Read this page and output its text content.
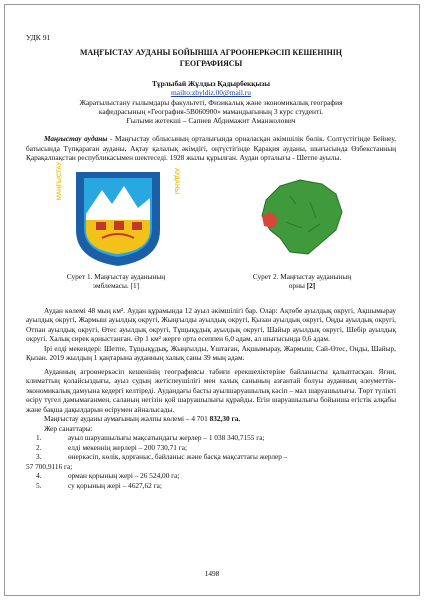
УДК 91
МАҢҒЫСТАУ АУДАНЫ БОЙЫНША АГРООНЕРКӘСІП КЕШЕНІНІҢ
ГЕОГРАФИЯСЫ
Тұрлыбай Жұлдыз Қадырбекқызы
mailto:zhyldiz.00@mail.ru
Жаратылыстану ғылымдары факультеті, Физикалық және экономикалық география
кафедрасының «География-5В060900» мамандығының 3 курс студенті.
Ғылыми жетекші – Сапиев Абдимажит Аманжолович

Маңғыстау ауданы - Маңғыстау облысының орталығында орналасқан әкімшілік бөлік. Солтүстігінде Бейнеу, батысында Түпқараған ауданы, Ақтау қалалық әкімдігі, оңтүстігінде Қарақия ауданы, шығысында Өзбекстанның Қарақалпақстан республикасымен шектеседі. 1928 жылы құрылған. Аудан орталығы - Шетпе ауылы.

МАҢҒЫСТАУ	АУДАНЫ
Сурет 1. Маңғыстау ауданының
эмблемасы. [1]
Сурет 2. Маңғыстау ауданының
орны [2]

Аудан көлемі 48 мың км². Аудан құрамында 12 ауыл әкімшілігі бар. Олар: Ақтөбе ауылдық округі, Ақшымырау ауылдық округі, Жармыш ауылдық округі, Жыңғылды ауылдық округі, Қызан ауылдық округі, Оңды ауылдық округі, Отпан ауылдық округі, Өтес ауылдық округі, Тұщықұдық ауылдық округі, Шайыр ауылдық округі, Шебір ауылдық округі. Халық сирек қоныстанған. Әр 1 км² жерге орта есеппен 6,0 адам, ал шығысында 0,6 адам.

Ірі елді мекендері: Шетпе, Тұщықұдық, Жыңғылды, Ұштаған, Ақшымырау, Жармыш, Сай-Өтес, Оңды, Шайыр, Қызан. 2019 жылдың 1 қаңтарына ауданның халық саны 39 мың адам.

Ауданның агроөнеркәсіп кешенінің географиясы табиғи ерекшеліктеріне байланысты қалыптасқан. Яғни, климаттың қолайсыздығы, ауыз судың жетіспеушілігі мен халық санының азғантай болуы ауданның әлеуметтік-экономикалық дамуына кедергі келтіреді. Аудандағы басты ауылшаруашылық кәсіп – мал шаруашылығы. Төрт түлікті өсіру түгел дамымағанмен, саланың негізін қой шаруашылығы құрайды. Егін шаруашылығы бойынша егістік алқабы және бақша дақылдарын өсірумен айналысады.

Маңғыстау ауданы аумағының жалпы көлемі – 4 701 832,30 га.

Жер санаттары:

1.	ауыл шаруашылығы мақсатындағы жерлер – 1 038 340,7155 га;
2.	елді мекеннің жерлері – 200 730,71 га;
3.	өнеркәсіп, көлік, қорғаныс, байланыс және басқа мақсаттағы жерлер –
57 700,9116 га;
4.	орман қорының жері – 26 524,00 га;
5.	су қорының жері – 4627,62 га;
1498
